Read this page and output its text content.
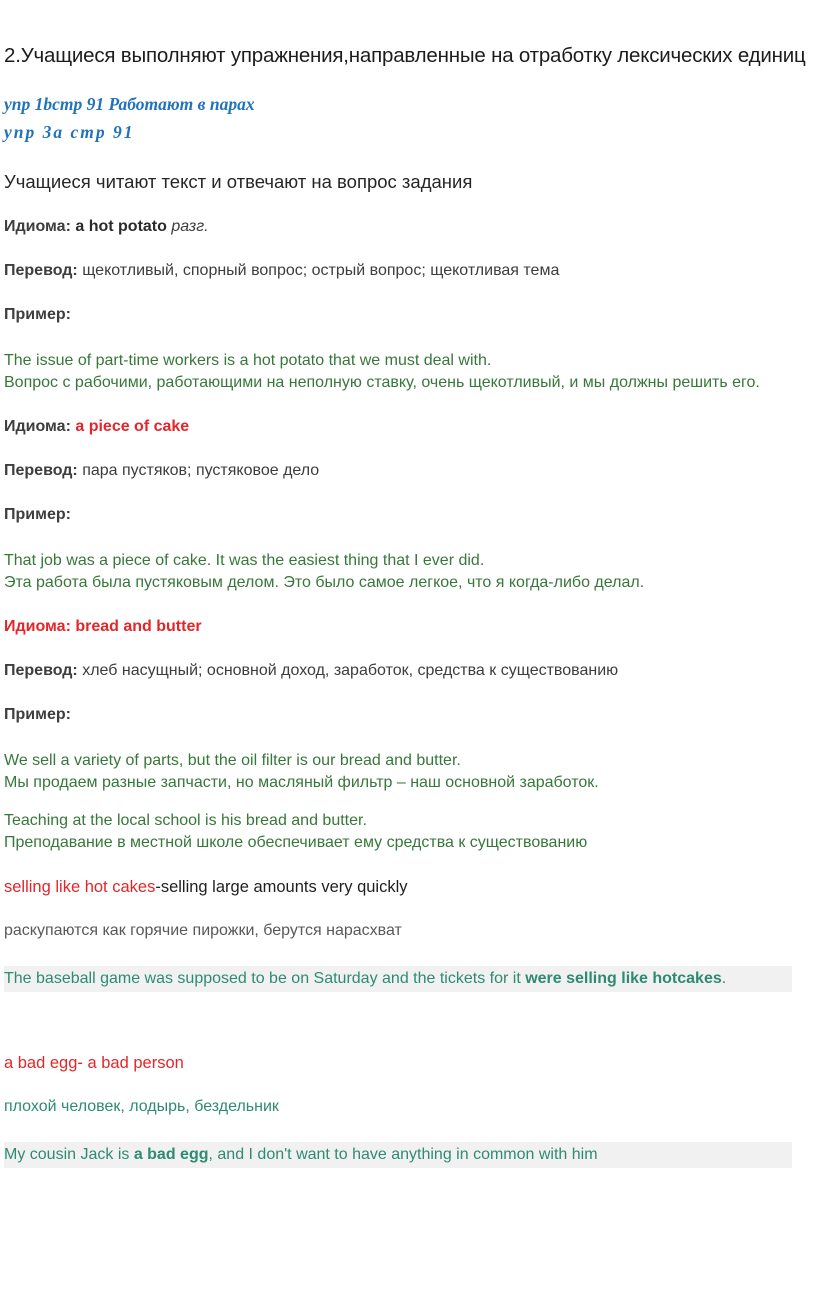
2.Учащиеся выполняют упражнения,направленные на отработку лексических единиц

упр 1bстр 91 Работают в парах

упр 3а стр 91

Учащиеся читают текст и отвечают на вопрос задания

Идиома: a hot potato разг.

Перевод: щекотливый, спорный вопрос; острый вопрос; щекотливая тема

Пример:

The issue of part-time workers is a hot potato that we must deal with.
Вопрос с рабочими, работающими на неполную ставку, очень щекотливый, и мы должны решить его.

Идиома: a piece of cake

Перевод: пара пустяков; пустяковое дело

Пример:

That job was a piece of cake. It was the easiest thing that I ever did.
Эта работа была пустяковым делом. Это было самое легкое, что я когда-либо делал.

Идиома: bread and butter

Перевод: хлеб насущный; основной доход, заработок, средства к существованию

Пример:

We sell a variety of parts, but the oil filter is our bread and butter.
Мы продаем разные запчасти, но масляный фильтр – наш основной заработок.
Teaching at the local school is his bread and butter.
Преподавание в местной школе обеспечивает ему средства к существованию

selling like hot cakes-selling large amounts very quickly

раскупаются как горячие пирожки, берутся нарасхват

The baseball game was supposed to be on Saturday and the tickets for it were selling like hotcakes.

a bad egg- a bad person

плохой человек, лодырь, бездельник

My cousin Jack is a bad egg, and I don't want to have anything in common with him
